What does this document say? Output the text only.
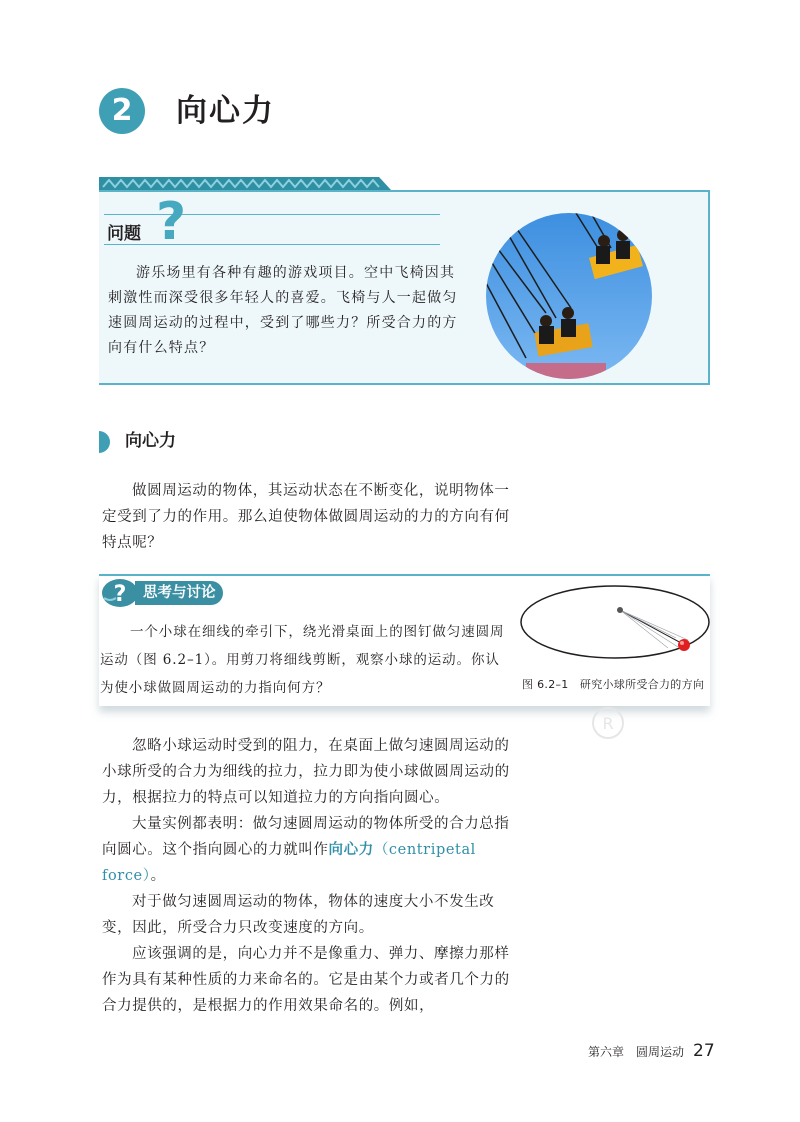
2	向心力
问题 ?

游乐场里有各种有趣的游戏项目。空中飞椅因其刺激性而深受很多年轻人的喜爱。飞椅与人一起做匀速圆周运动的过程中，受到了哪些力？所受合力的方向有什么特点？

向心力

做圆周运动的物体，其运动状态在不断变化，说明物体一定受到了力的作用。那么迫使物体做圆周运动的力的方向有何特点呢？

?	思考与讨论

一个小球在细线的牵引下，绕光滑桌面上的图钉做匀速圆周运动（图 6.2–1）。用剪刀将细线剪断，观察小球的运动。你认为使小球做圆周运动的力指向何方？	图 6.2–1　研究小球所受合力的方向
R

忽略小球运动时受到的阻力，在桌面上做匀速圆周运动的小球所受的合力为细线的拉力，拉力即为使小球做圆周运动的力，根据拉力的特点可以知道拉力的方向指向圆心。

大量实例都表明：做匀速圆周运动的物体所受的合力总指向圆心。这个指向圆心的力就叫作向心力（centripetal force）。

对于做匀速圆周运动的物体，物体的速度大小不发生改变，因此，所受合力只改变速度的方向。

应该强调的是，向心力并不是像重力、弹力、摩擦力那样作为具有某种性质的力来命名的。它是由某个力或者几个力的合力提供的，是根据力的作用效果命名的。例如，

第六章　圆周运动 27
